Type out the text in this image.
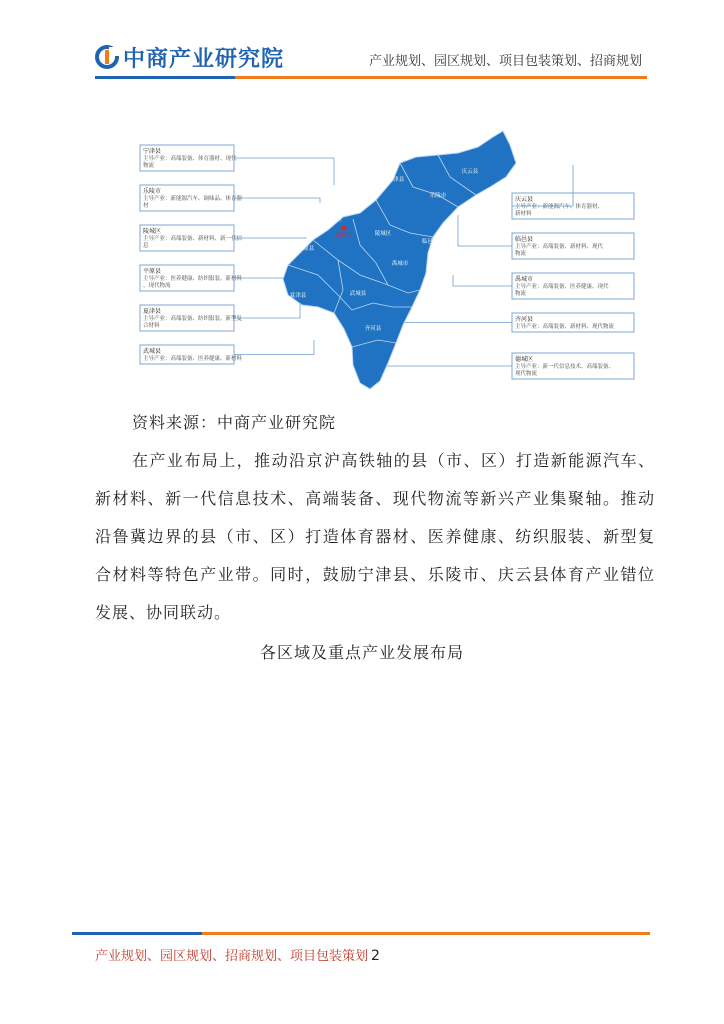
中商产业研究院	产业规划、园区规划、项目包装策划、招商规划
宁津县
主导产业：高端装备、体育器材、现代
物流
乐陵市
主导产业：新能源汽车、调味品、体育器
材
陵城区
主导产业：高端装备、新材料、新一代信
息
平原县
主导产业：医养健康、纺织服装、新材料
、现代物流
夏津县
主导产业：高端装备、纺织服装、新型复
合材料
武城县
主导产业：高端装备、医养健康、新材料
庆云县
主导产业：新能源汽车、体育器材、
新材料
临邑县
主导产业：高端装备、新材料、现代
物流
禹城市
主导产业：高端装备、医养健康、现代
物流
齐河县
主导产业：高端装备、新材料、现代物流
德城区
主导产业：新一代信息技术、高端装备、
现代物流
宁津县
庆云县
乐陵市
德城区
陵城区
临邑县
平原县
夏津县
禹城市
武城县
齐河县
德州市
资料来源：中商产业研究院
在产业布局上，推动沿京沪高铁轴的县（市、区）打造新能源汽车、新材料、新一代信息技术、高端装备、现代物流等新兴产业集聚轴。推动沿鲁冀边界的县（市、区）打造体育器材、医养健康、纺织服装、新型复合材料等特色产业带。同时，鼓励宁津县、乐陵市、庆云县体育产业错位发展、协同联动。
各区域及重点产业发展布局
产业规划、园区规划、招商规划、项目包装策划 2
